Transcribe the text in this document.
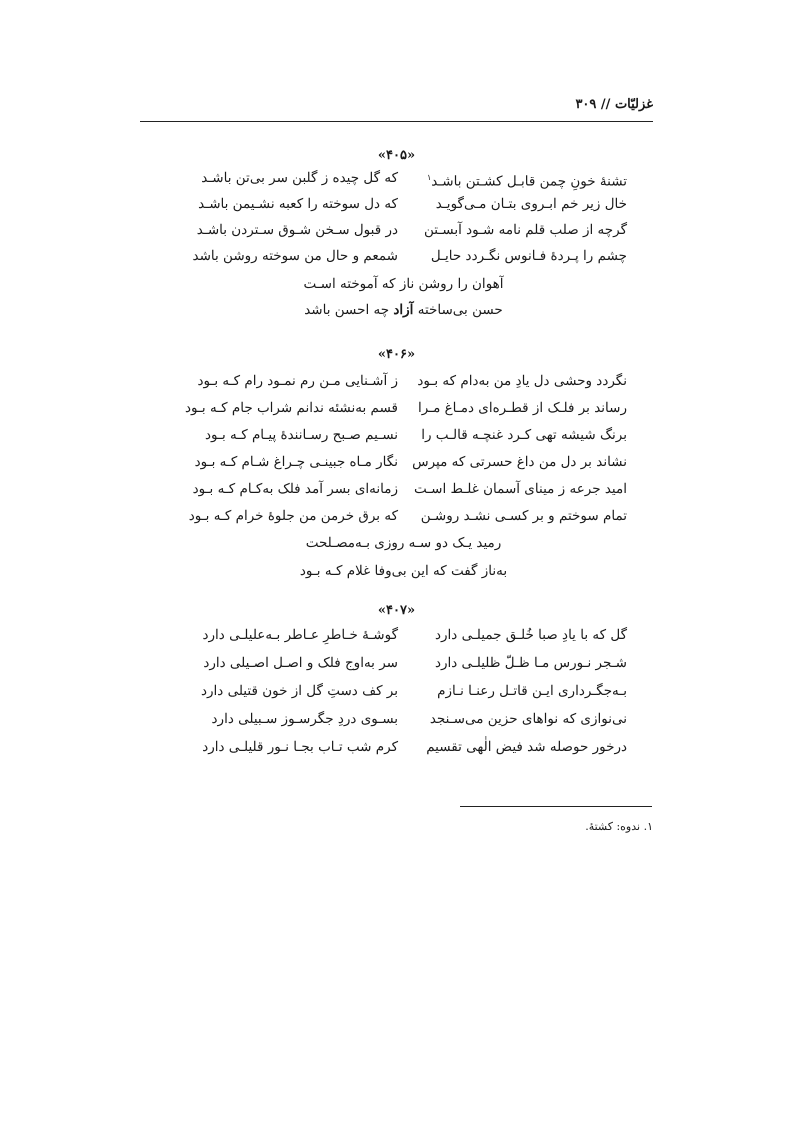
غزلیّات // ۳۰۹
«۴۰۵»
تشنهٔ خونِ چمن قابـل کشـتن باشـد$^۱$
که گل چیده ز گلبن سر بی‌تن باشـد
خال زیر خم ابـروی بتـان مـی‌گویـد
که دل سوخته را کعبه نشـیمن باشـد
گرچه از صلب قلم نامه شـود آبسـتن
در قبول سـخن شـوق سـتردن باشـد
چشم را پـردهٔ فـانوس نگـردد حایـل
شمعم و حال من سوخته روشن باشد
آهوان را روشن ناز که آموخته اسـت
حسن بی‌ساخته آزاد چه احسن باشد
«۴۰۶»
نگردد وحشی دل یادِ من به‌دام که بـود
ز آشـنایی مـن رم نمـود رام کـه بـود
رساند بر فلـک از قطـره‌ای دمـاغ مـرا
قسم به‌نشئه ندانم شراب جام کـه بـود
برنگ شیشه تهی کـرد غنچـه قالـب را
نسـیم صـبح رسـانندهٔ پیـام کـه بـود
نشاند بر دل من داغ حسرتی که مپرس
نگار مـاه جبینـی چـراغ شـام کـه بـود
امید جرعه ز مینای آسمان غلـط اسـت
زمانه‌ای بسر آمد فلک به‌کـام کـه بـود
تمام سوختم و بر کسـی نشـد روشـن
که برق خرمن من جلوهٔ خرام کـه بـود
رمید یـک دو سـه روزی بـه‌مصـلحت
به‌ناز گفت که این بی‌وفا غلام کـه بـود
«۴۰۷»
گل که با یادِ صبا خُلـق جمیلـی دارد
گوشـهٔ خـاطرِ عـاطر بـه‌علیلـی دارد
شـجر نـورس مـا ظـلّ ظلیلـی دارد
سر به‌اوج فلک و اصـل اصـیلی دارد
بـه‌جگـرداری ایـن قاتـل رعنـا نـازم
بر کف دستِ گل از خون قتیلی دارد
نی‌نوازی که نواهای حزین می‌سـنجد
بسـوی دردِ جگرسـوز سـبیلی دارد
درخور حوصله شد فیض الٰهی تقسیم
کرم شب تـاب بجـا نـور قلیلـی دارد
۱. ندوه: کشتهٔ.
